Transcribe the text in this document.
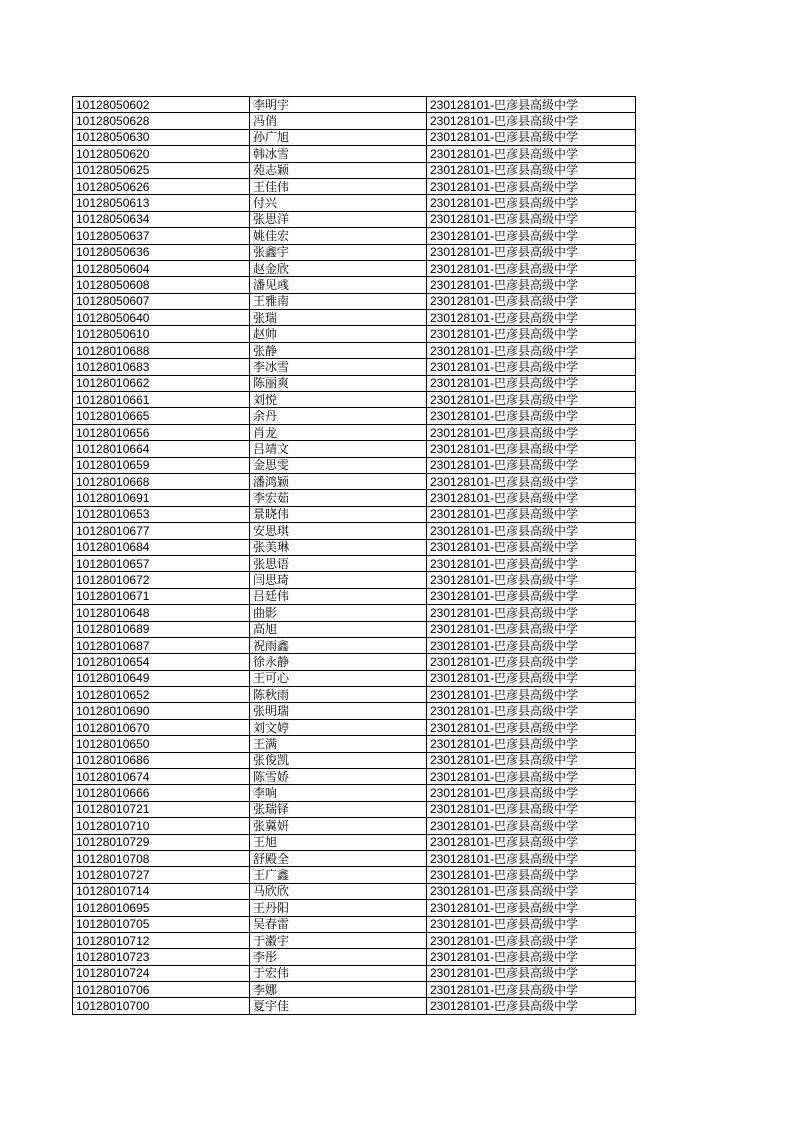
10128050602	李明宇	230128101-巴彦县高级中学
10128050628	冯俏	230128101-巴彦县高级中学
10128050630	孙广旭	230128101-巴彦县高级中学
10128050620	韩冰雪	230128101-巴彦县高级中学
10128050625	苑志颖	230128101-巴彦县高级中学
10128050626	王佳伟	230128101-巴彦县高级中学
10128050613	付兴	230128101-巴彦县高级中学
10128050634	张思洋	230128101-巴彦县高级中学
10128050637	姚佳宏	230128101-巴彦县高级中学
10128050636	张鑫宇	230128101-巴彦县高级中学
10128050604	赵金欣	230128101-巴彦县高级中学
10128050608	潘见彧	230128101-巴彦县高级中学
10128050607	王雅南	230128101-巴彦县高级中学
10128050640	张瑞	230128101-巴彦县高级中学
10128050610	赵帅	230128101-巴彦县高级中学
10128010688	张静	230128101-巴彦县高级中学
10128010683	李冰雪	230128101-巴彦县高级中学
10128010662	陈丽爽	230128101-巴彦县高级中学
10128010661	刘悦	230128101-巴彦县高级中学
10128010665	余丹	230128101-巴彦县高级中学
10128010656	肖龙	230128101-巴彦县高级中学
10128010664	吕靖文	230128101-巴彦县高级中学
10128010659	金思雯	230128101-巴彦县高级中学
10128010668	潘鸿颖	230128101-巴彦县高级中学
10128010691	李宏茹	230128101-巴彦县高级中学
10128010653	景晓伟	230128101-巴彦县高级中学
10128010677	安思琪	230128101-巴彦县高级中学
10128010684	张美琳	230128101-巴彦县高级中学
10128010657	张思语	230128101-巴彦县高级中学
10128010672	闫思琦	230128101-巴彦县高级中学
10128010671	吕廷伟	230128101-巴彦县高级中学
10128010648	曲影	230128101-巴彦县高级中学
10128010689	高旭	230128101-巴彦县高级中学
10128010687	祝雨鑫	230128101-巴彦县高级中学
10128010654	徐永静	230128101-巴彦县高级中学
10128010649	王可心	230128101-巴彦县高级中学
10128010652	陈秋雨	230128101-巴彦县高级中学
10128010690	张明瑞	230128101-巴彦县高级中学
10128010670	刘文婷	230128101-巴彦县高级中学
10128010650	王满	230128101-巴彦县高级中学
10128010686	张俊凯	230128101-巴彦县高级中学
10128010674	陈雪娇	230128101-巴彦县高级中学
10128010666	李响	230128101-巴彦县高级中学
10128010721	张瑞铎	230128101-巴彦县高级中学
10128010710	张冀妍	230128101-巴彦县高级中学
10128010729	王旭	230128101-巴彦县高级中学
10128010708	舒殿全	230128101-巴彦县高级中学
10128010727	王广鑫	230128101-巴彦县高级中学
10128010714	马欣欣	230128101-巴彦县高级中学
10128010695	王丹阳	230128101-巴彦县高级中学
10128010705	吴春雷	230128101-巴彦县高级中学
10128010712	于瀫宇	230128101-巴彦县高级中学
10128010723	李彤	230128101-巴彦县高级中学
10128010724	于宏伟	230128101-巴彦县高级中学
10128010706	李娜	230128101-巴彦县高级中学
10128010700	夏宇佳	230128101-巴彦县高级中学
